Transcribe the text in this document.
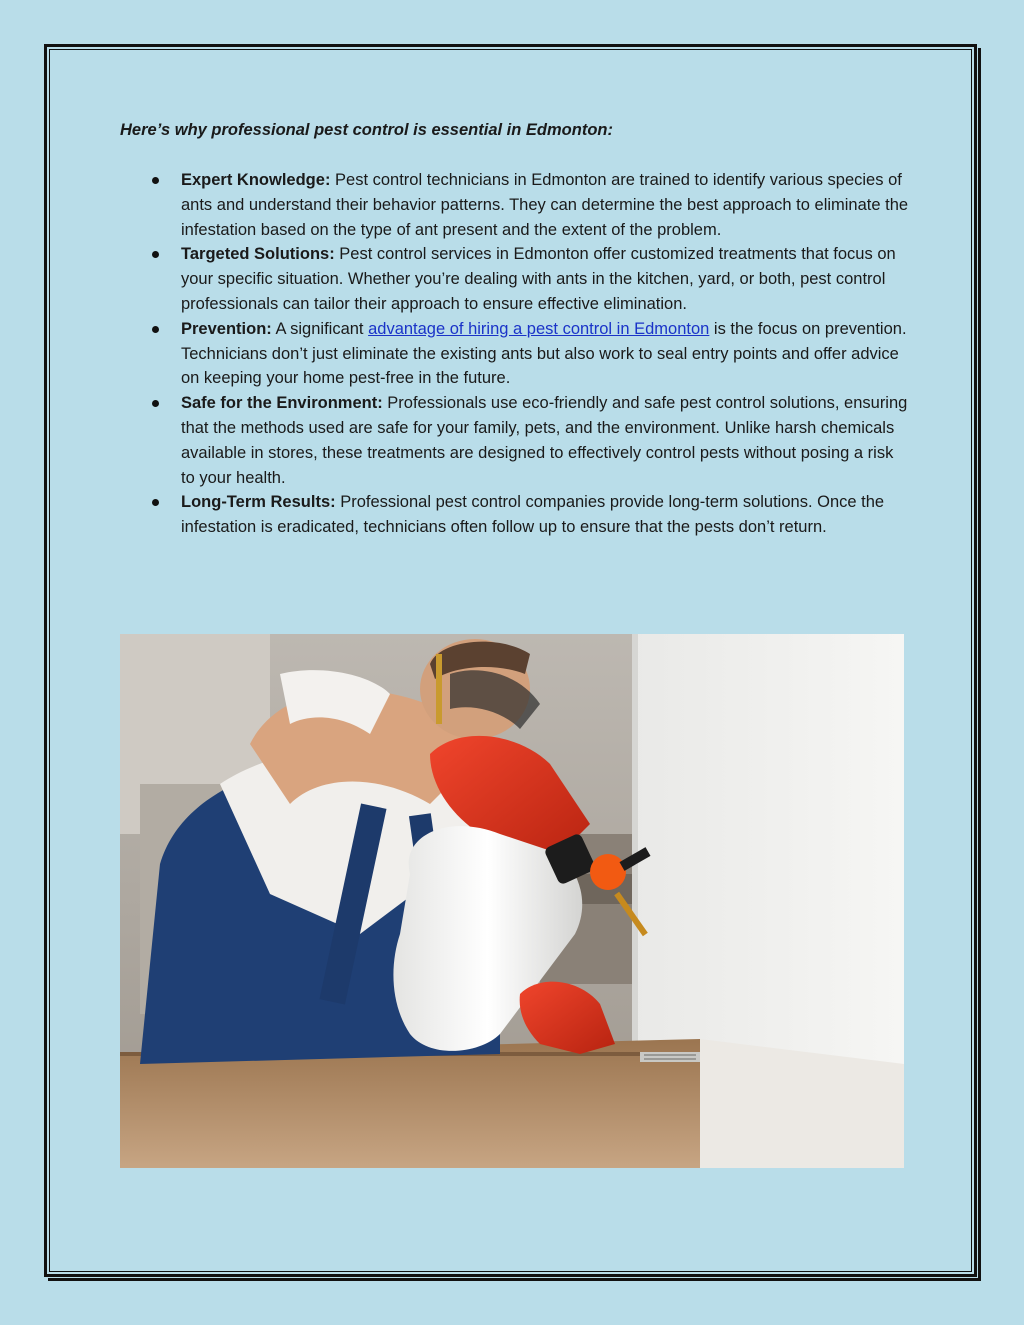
Here’s why professional pest control is essential in Edmonton:

Expert Knowledge: Pest control technicians in Edmonton are trained to identify various species of ants and understand their behavior patterns. They can determine the best approach to eliminate the infestation based on the type of ant present and the extent of the problem.
Targeted Solutions: Pest control services in Edmonton offer customized treatments that focus on your specific situation. Whether you’re dealing with ants in the kitchen, yard, or both, pest control professionals can tailor their approach to ensure effective elimination.
Prevention: A significant advantage of hiring a pest control in Edmonton is the focus on prevention. Technicians don’t just eliminate the existing ants but also work to seal entry points and offer advice on keeping your home pest-free in the future.
Safe for the Environment: Professionals use eco-friendly and safe pest control solutions, ensuring that the methods used are safe for your family, pets, and the environment. Unlike harsh chemicals available in stores, these treatments are designed to effectively control pests without posing a risk to your health.
Long-Term Results: Professional pest control companies provide long-term solutions. Once the infestation is eradicated, technicians often follow up to ensure that the pests don’t return.
